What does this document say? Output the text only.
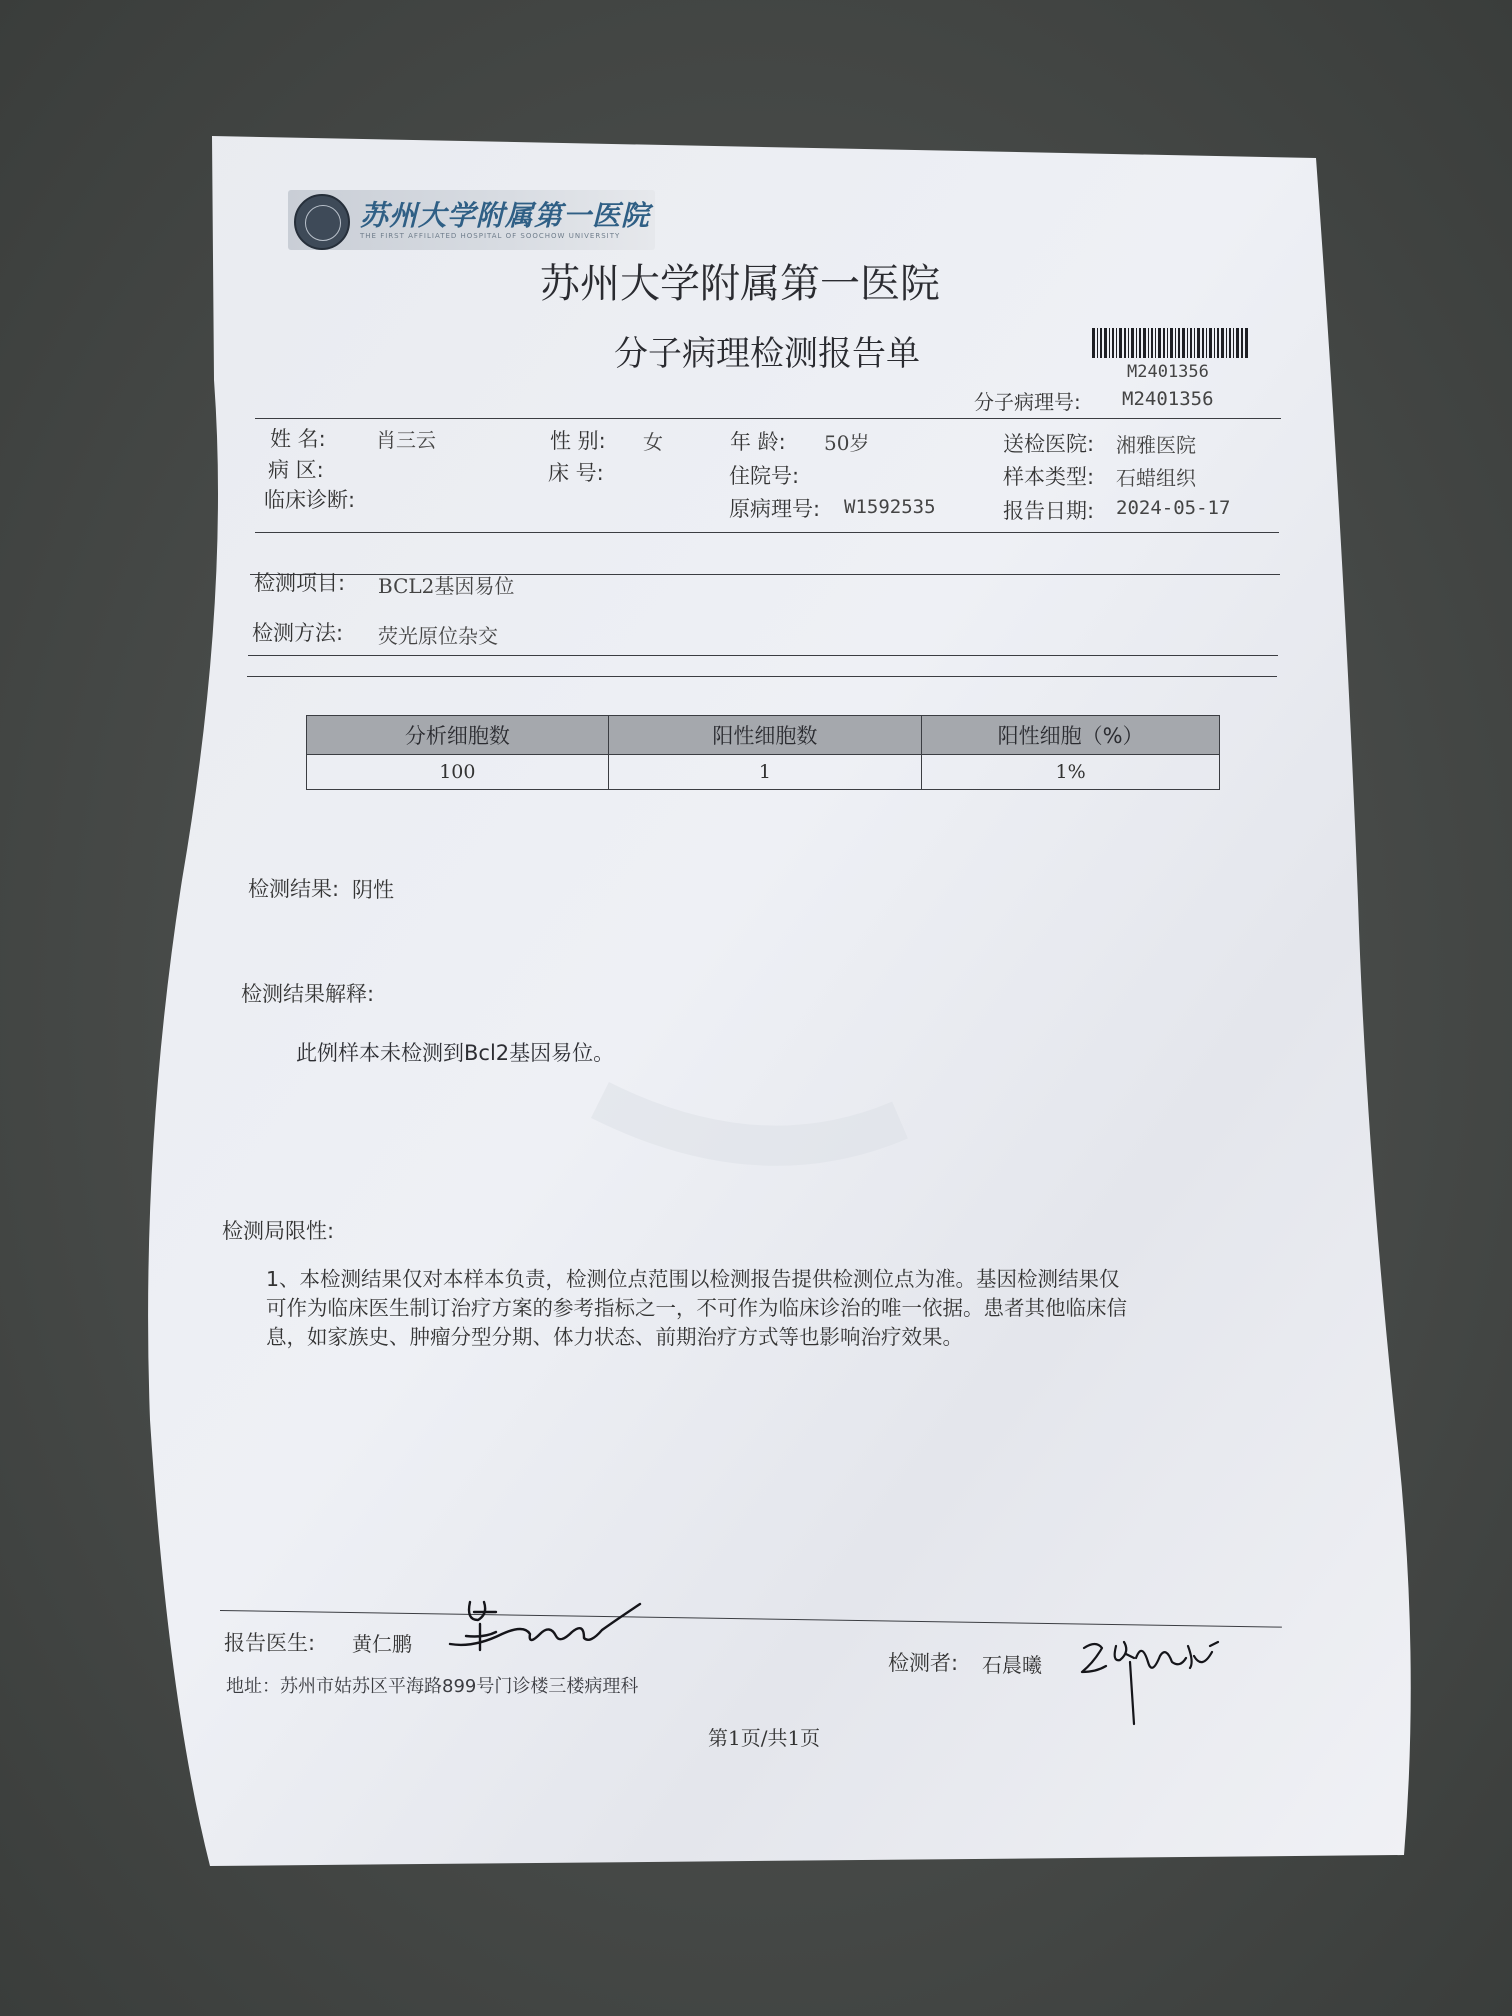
苏州大学附属第一医院
THE FIRST AFFILIATED HOSPITAL OF SOOCHOW UNIVERSITY
苏州大学附属第一医院
分子病理检测报告单	M2401356
分子病理号: M2401356
姓 名:	肖三云	性 别: 女	年 龄: 50岁	送检医院: 湘雅医院
病 区:	床 号:	住院号:	样本类型: 石蜡组织
临床诊断:	原病理号: W1592535	报告日期: 2024-05-17
检测项目: BCL2基因易位
检测方法: 荧光原位杂交
分析细胞数	阳性细胞数	阳性细胞（%）
100	1	1%
检测结果: 阴性
检测结果解释:
此例样本未检测到Bcl2基因易位。
检测局限性:
1、本检测结果仅对本样本负责，检测位点范围以检测报告提供检测位点为准。基因检测结果仅
可作为临床医生制订治疗方案的参考指标之一，不可作为临床诊治的唯一依据。患者其他临床信
息，如家族史、肿瘤分型分期、体力状态、前期治疗方式等也影响治疗效果。
报告医生: 黄仁鹏
检测者: 石晨曦
地址：苏州市姑苏区平海路899号门诊楼三楼病理科
第1页/共1页
